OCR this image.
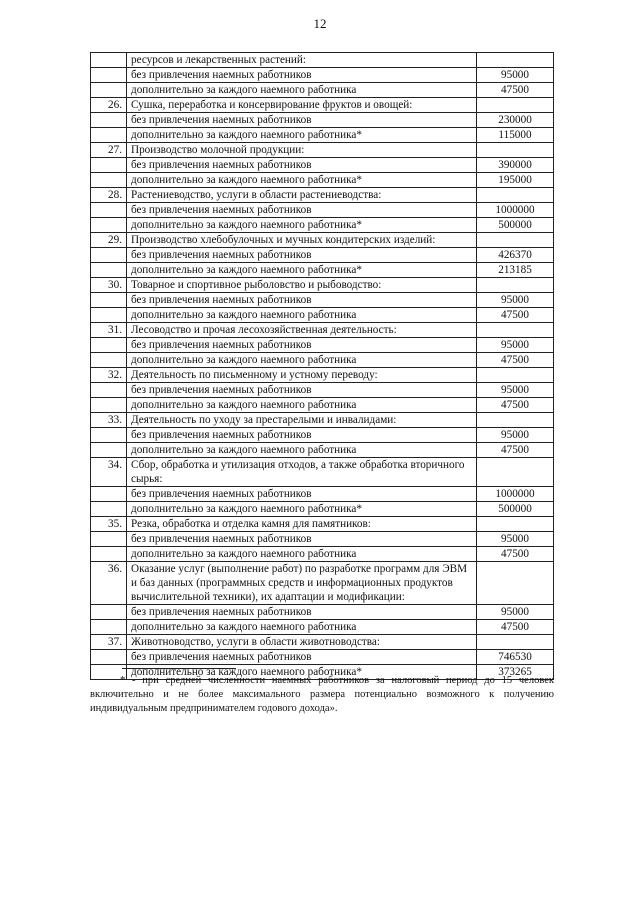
12
	ресурсов и лекарственных растений:	
	без привлечения наемных работников	95000
	дополнительно за каждого наемного работника	47500
26.	Сушка, переработка и консервирование фруктов и овощей:	
	без привлечения наемных работников	230000
	дополнительно за каждого наемного работника*	115000
27.	Производство молочной продукции:	
	без привлечения наемных работников	390000
	дополнительно за каждого наемного работника*	195000
28.	Растениеводство, услуги в области растениеводства:	
	без привлечения наемных работников	1000000
	дополнительно за каждого наемного работника*	500000
29.	Производство хлебобулочных и мучных кондитерских изделий:	
	без привлечения наемных работников	426370
	дополнительно за каждого наемного работника*	213185
30.	Товарное и спортивное рыболовство и рыбоводство:	
	без привлечения наемных работников	95000
	дополнительно за каждого наемного работника	47500
31.	Лесоводство и прочая лесохозяйственная деятельность:	
	без привлечения наемных работников	95000
	дополнительно за каждого наемного работника	47500
32.	Деятельность по письменному и устному переводу:	
	без привлечения наемных работников	95000
	дополнительно за каждого наемного работника	47500
33.	Деятельность по уходу за престарелыми и инвалидами:	
	без привлечения наемных работников	95000
	дополнительно за каждого наемного работника	47500
34.	Сбор, обработка и утилизация отходов, а также обработка вторичного сырья:	
	без привлечения наемных работников	1000000
	дополнительно за каждого наемного работника*	500000
35.	Резка, обработка и отделка камня для памятников:	
	без привлечения наемных работников	95000
	дополнительно за каждого наемного работника	47500
36.	Оказание услуг (выполнение работ) по разработке программ для ЭВМ и баз данных (программных средств и информационных продуктов вычислительной техники), их адаптации и модификации:	
	без привлечения наемных работников	95000
	дополнительно за каждого наемного работника	47500
37.	Животноводство, услуги в области животноводства:	
	без привлечения наемных работников	746530
	дополнительно за каждого наемного работника*	373265
* - при средней численности наемных работников за налоговый период до 15 человек включительно и не более максимального размера потенциально возможного к получению индивидуальным предпринимателем годового дохода».
